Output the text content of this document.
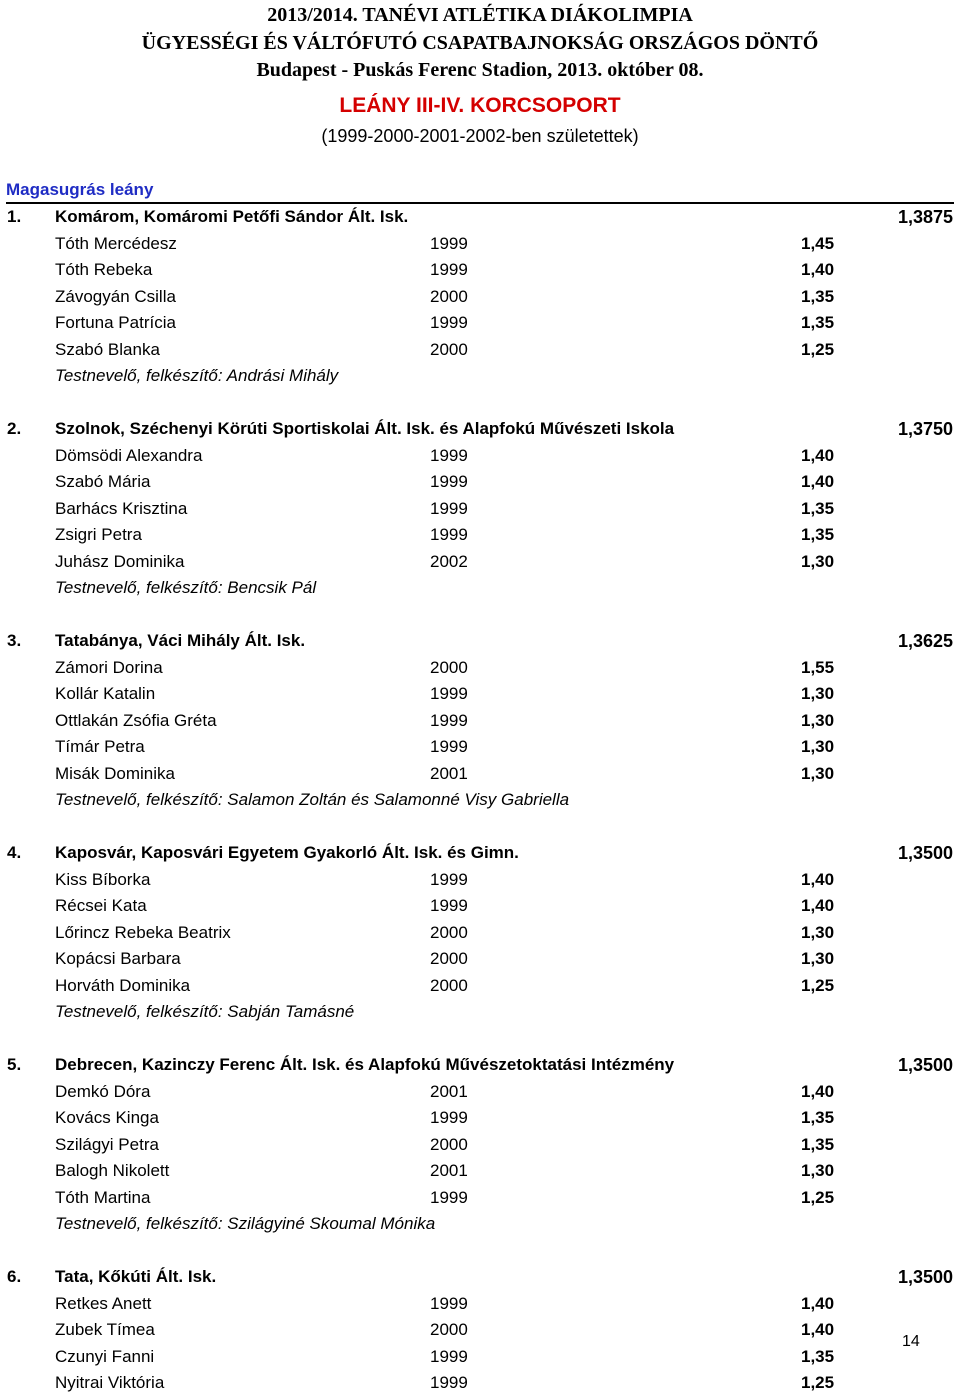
2013/2014. TANÉVI ATLÉTIKA DIÁKOLIMPIA
ÜGYESSÉGI ÉS VÁLTÓFUTÓ CSAPATBAJNOKSÁG ORSZÁGOS DÖNTŐ
Budapest - Puskás Ferenc Stadion, 2013. október 08.
LEÁNY III-IV. KORCSOPORT
(1999-2000-2001-2002-ben születettek)
Magasugrás leány
1. Komárom, Komáromi Petőfi Sándor Ált. Isk.	1,3875
Tóth Mercédesz	1999	1,45
Tóth Rebeka	1999	1,40
Závogyán Csilla	2000	1,35
Fortuna Patrícia	1999	1,35
Szabó Blanka	2000	1,25
Testnevelő, felkészítő: Andrási Mihály
2. Szolnok, Széchenyi Körúti Sportiskolai Ált. Isk. és Alapfokú Művészeti Iskola	1,3750
Dömsödi Alexandra	1999	1,40
Szabó Mária	1999	1,40
Barhács Krisztina	1999	1,35
Zsigri Petra	1999	1,35
Juhász Dominika	2002	1,30
Testnevelő, felkészítő: Bencsik Pál
3. Tatabánya, Váci Mihály Ált. Isk.	1,3625
Zámori Dorina	2000	1,55
Kollár Katalin	1999	1,30
Ottlakán Zsófia Gréta	1999	1,30
Tímár Petra	1999	1,30
Misák Dominika	2001	1,30
Testnevelő, felkészítő: Salamon Zoltán és Salamonné Visy Gabriella
4. Kaposvár, Kaposvári Egyetem Gyakorló Ált. Isk. és Gimn.	1,3500
Kiss Bíborka	1999	1,40
Récsei Kata	1999	1,40
Lőrincz Rebeka Beatrix	2000	1,30
Kopácsi Barbara	2000	1,30
Horváth Dominika	2000	1,25
Testnevelő, felkészítő: Sabján Tamásné
5. Debrecen, Kazinczy Ferenc Ált. Isk. és Alapfokú Művészetoktatási Intézmény	1,3500
Demkó Dóra	2001	1,40
Kovács Kinga	1999	1,35
Szilágyi Petra	2000	1,35
Balogh Nikolett	2001	1,30
Tóth Martina	1999	1,25
Testnevelő, felkészítő: Szilágyiné Skoumal Mónika
6. Tata, Kőkúti Ált. Isk.	1,3500
Retkes Anett	1999	1,40
Zubek Tímea	2000	1,40
Czunyi Fanni	1999	1,35
Nyitrai Viktória	1999	1,25
14
